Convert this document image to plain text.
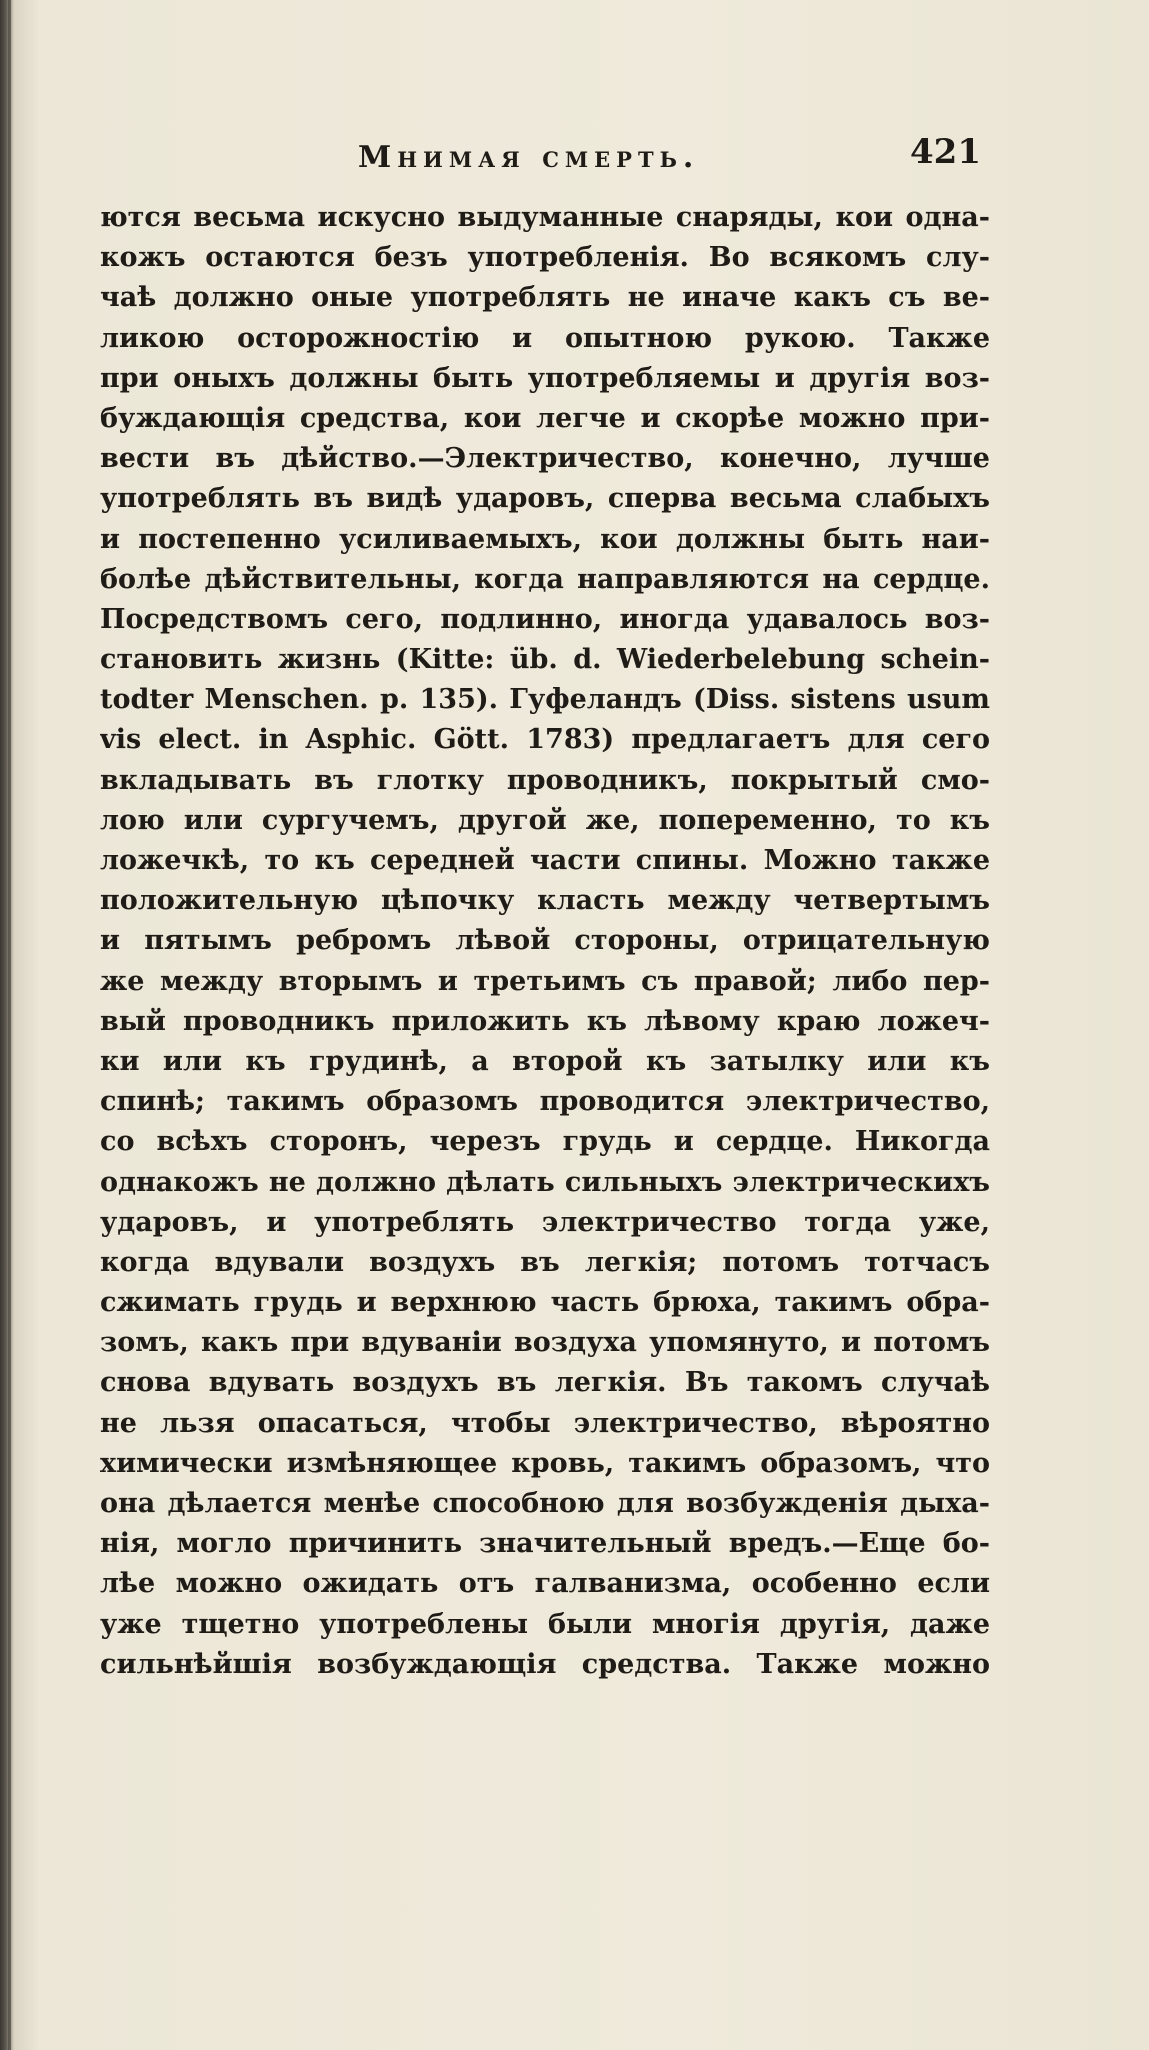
Мнимая смерть.	421
ются весьма искусно выдуманные снаряды, кои одна-
кожъ остаются безъ употребленія. Во всякомъ слу-
чаѣ должно оные употреблять не иначе какъ съ ве-
ликою осторожностію и опытною рукою. Также
при оныхъ должны быть употребляемы и другія воз-
буждающія средства, кои легче и скорѣе можно при-
вести въ дѣйство.—Электричество, конечно, лучше
употреблять въ видѣ ударовъ, сперва весьма слабыхъ
и постепенно усиливаемыхъ, кои должны быть наи-
болѣе дѣйствительны, когда направляются на сердце.
Посредствомъ сего, подлинно, иногда удавалось воз-
становить жизнь (Kitte: üb. d. Wiederbelebung schein-
todter Menschen. p. 135). Гуфеландъ (Diss. sistens usum
vis elect. in Asphic. Gött. 1783) предлагаетъ для сего
вкладывать въ глотку проводникъ, покрытый смо-
лою или сургучемъ, другой же, попеременно, то къ
ложечкѣ, то къ середней части спины. Можно также
положительную цѣпочку класть между четвертымъ
и пятымъ ребромъ лѣвой стороны, отрицательную
же между вторымъ и третьимъ съ правой; либо пер-
вый проводникъ приложить къ лѣвому краю ложеч-
ки или къ грудинѣ, а второй къ затылку или къ
спинѣ; такимъ образомъ проводится электричество,
со всѣхъ сторонъ, черезъ грудь и сердце. Никогда
однакожъ не должно дѣлать сильныхъ электрическихъ
ударовъ, и употреблять электричество тогда уже,
когда вдували воздухъ въ легкія; потомъ тотчасъ
сжимать грудь и верхнюю часть брюха, такимъ обра-
зомъ, какъ при вдуваніи воздуха упомянуто, и потомъ
снова вдувать воздухъ въ легкія. Въ такомъ случаѣ
не льзя опасаться, чтобы электричество, вѣроятно
химически измѣняющее кровь, такимъ образомъ, что
она дѣлается менѣе способною для возбужденія дыха-
нія, могло причинить значительный вредъ.—Еще бо-
лѣе можно ожидать отъ галванизма, особенно если
уже тщетно употреблены были многія другія, даже
сильнѣйшія возбуждающія средства. Также можно
